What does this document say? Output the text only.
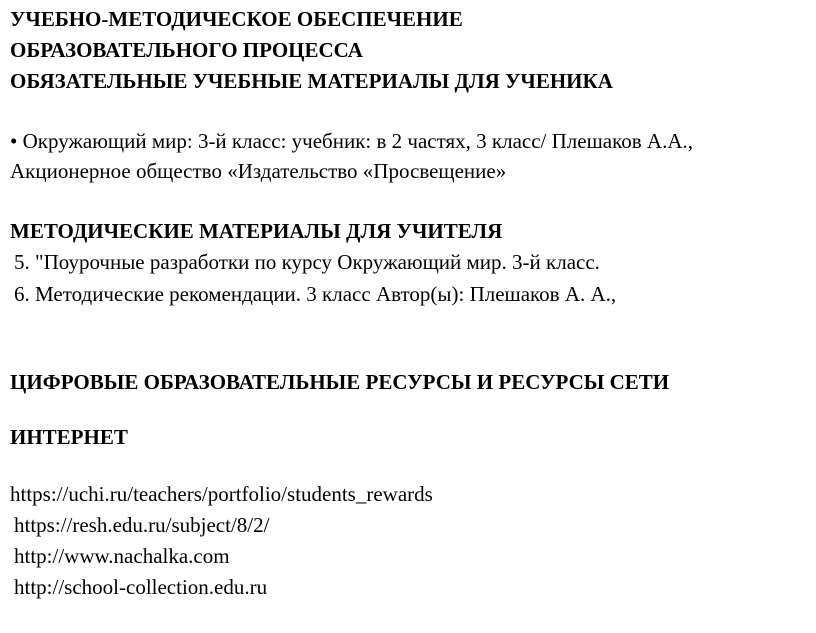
УЧЕБНО-МЕТОДИЧЕСКОЕ ОБЕСПЕЧЕНИЕ
ОБРАЗОВАТЕЛЬНОГО ПРОЦЕССА
ОБЯЗАТЕЛЬНЫЕ УЧЕБНЫЕ МАТЕРИАЛЫ ДЛЯ УЧЕНИКА
• Окружающий мир: 3-й класс: учебник: в 2 частях, 3 класс/ Плешаков А.А.,
Акционерное общество «Издательство «Просвещение»
МЕТОДИЧЕСКИЕ МАТЕРИАЛЫ ДЛЯ УЧИТЕЛЯ
5. "Поурочные разработки по курсу Окружающий мир. 3-й класс.
6. Методические рекомендации. 3 класс Автор(ы): Плешаков А. А.,
ЦИФРОВЫЕ ОБРАЗОВАТЕЛЬНЫЕ РЕСУРСЫ И РЕСУРСЫ СЕТИ
ИНТЕРНЕТ
https://uchi.ru/teachers/portfolio/students_rewards
https://resh.edu.ru/subject/8/2/
http://www.nachalka.com
http://school-collection.edu.ru
